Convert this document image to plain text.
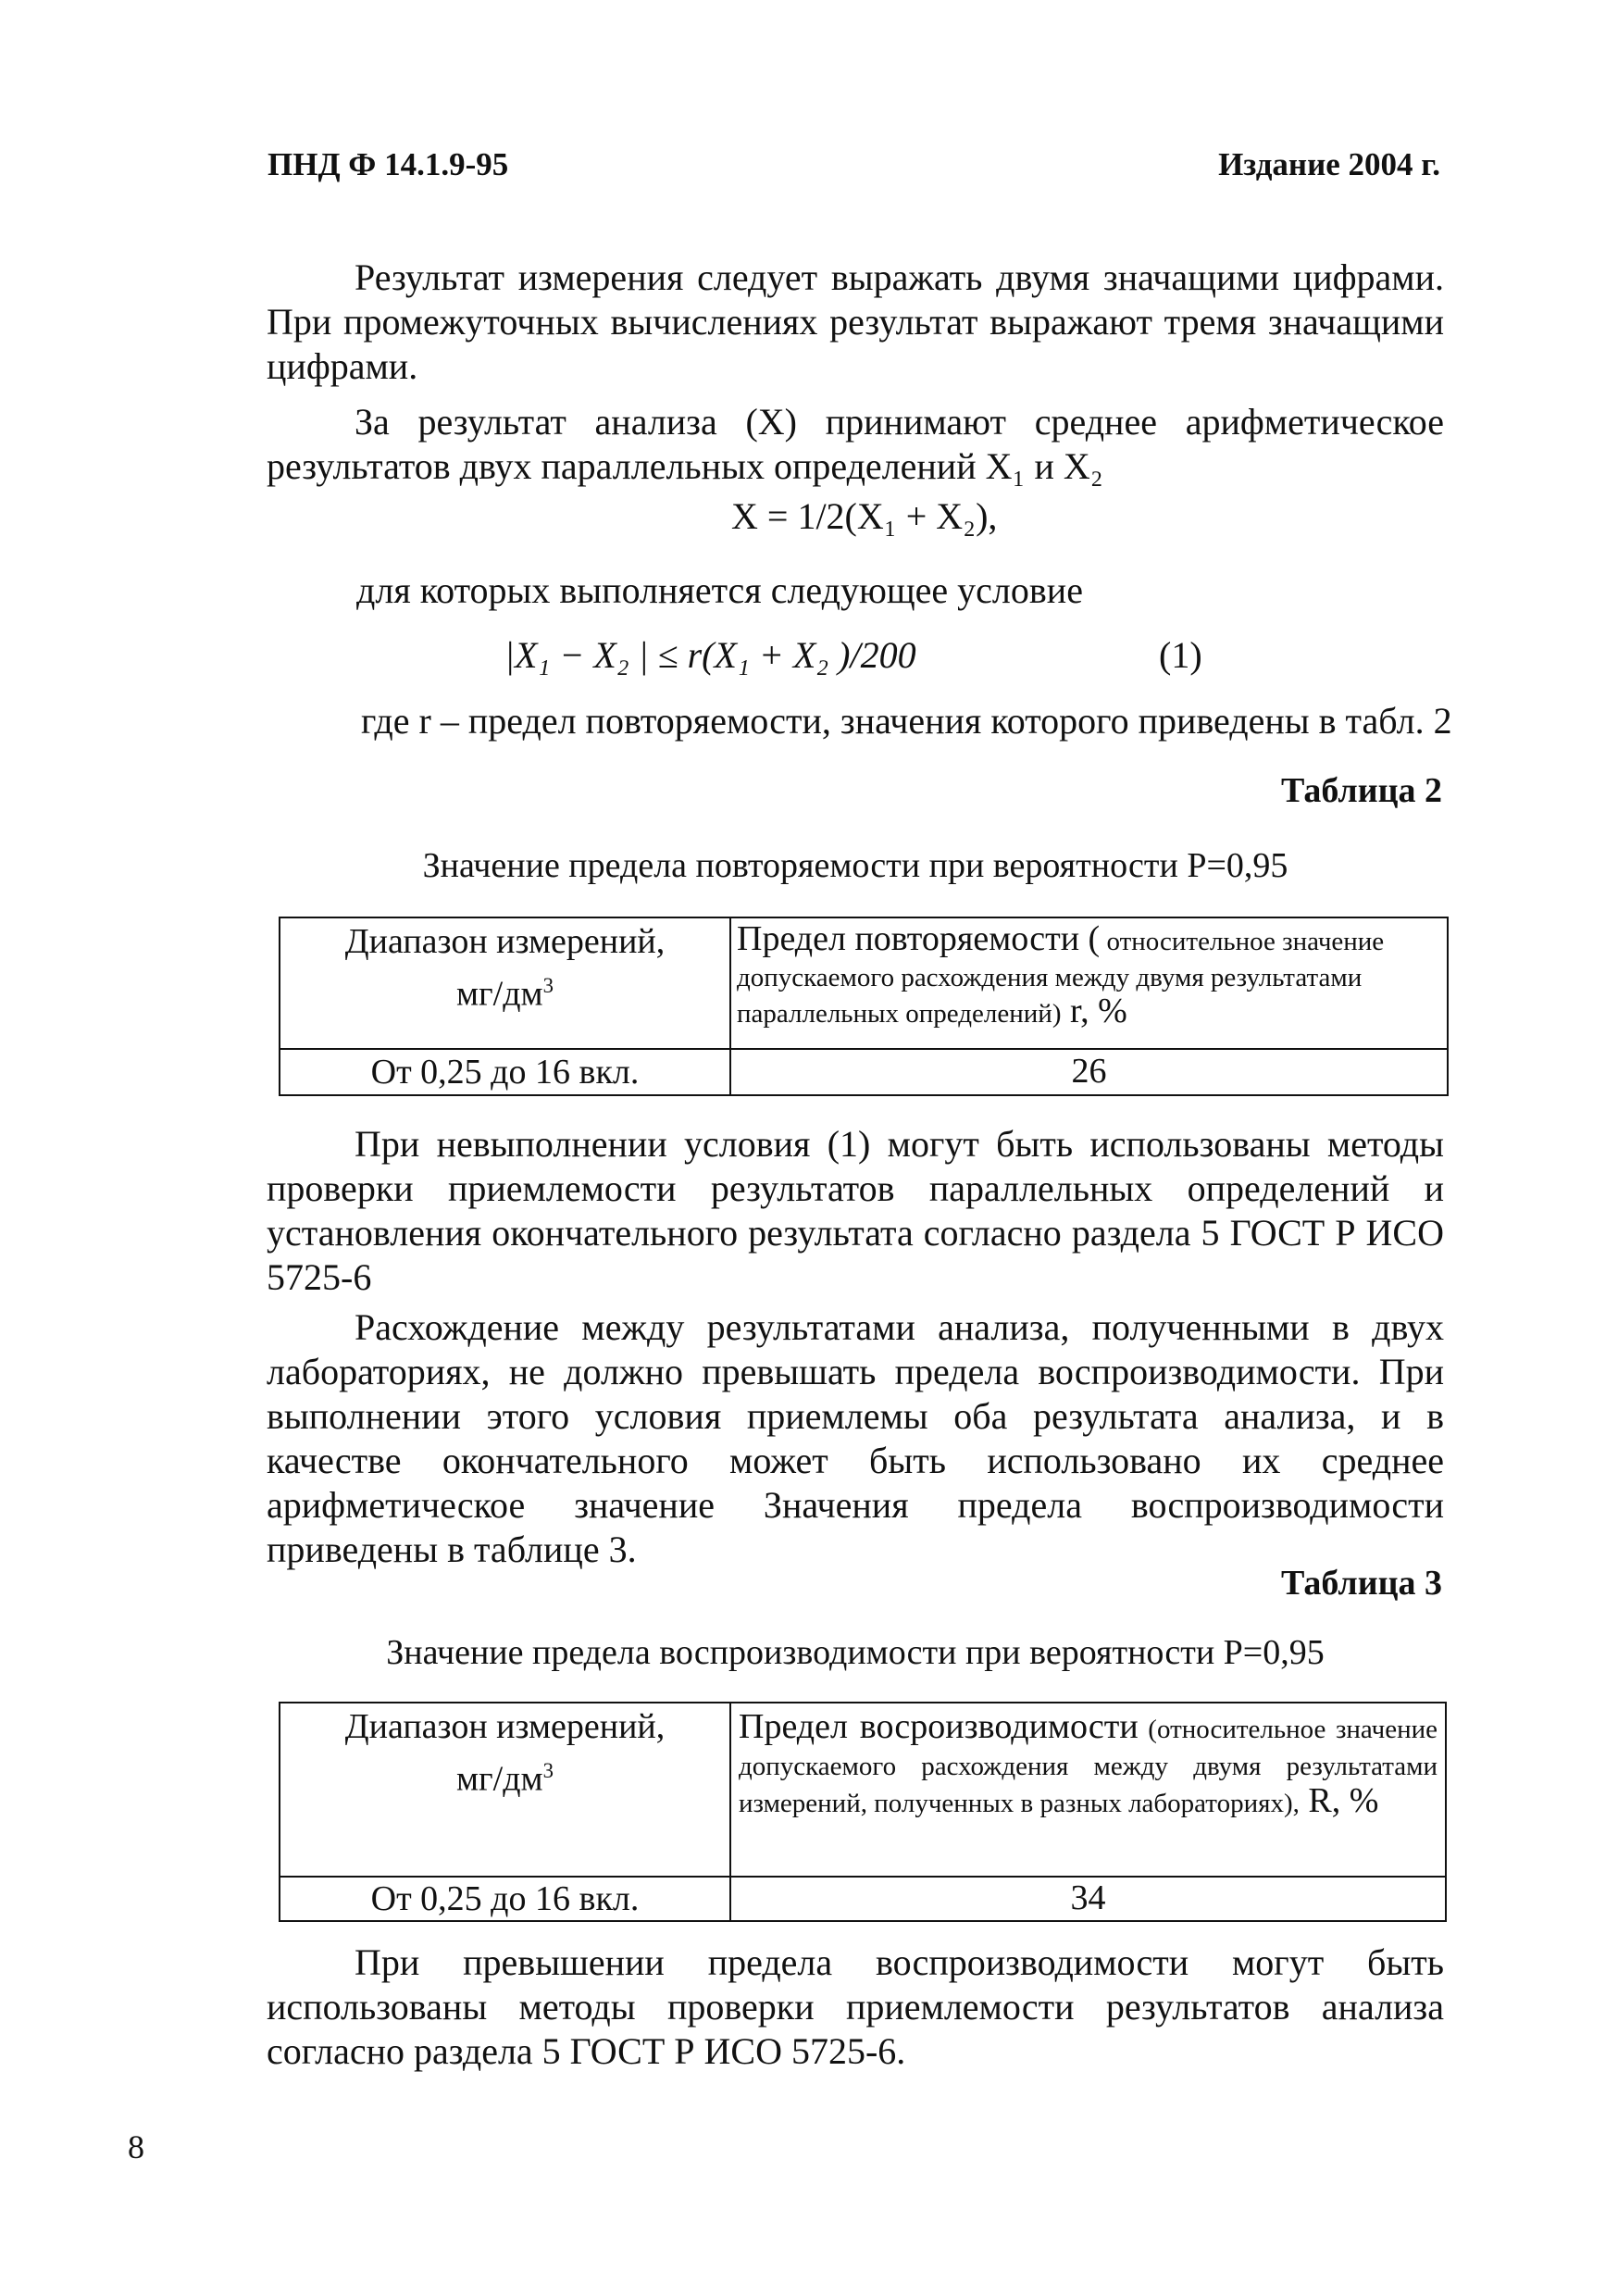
ПНД Ф 14.1.9-95	Издание 2004 г.

Результат измерения следует выражать двумя значащими цифрами. При промежуточных вычислениях результат выражают тремя значащими цифрами.

За результат анализа (Х) принимают среднее арифметическое результатов двух параллельных определений Х₁ и Х₂

X = 1/2(X₁ + X₂),
для которых выполняется следующее условие
|X₁ − X₂ | ≤ r(X₁ + X₂ )/200	(1)
где r – предел повторяемости, значения которого приведены в табл. 2
Таблица 2
Значение предела повторяемости при вероятности Р=0,95
Диапазон измерений,
$мг/дм^3$	Предел повторяемости ( относительное значение допускаемого расхождения между двумя результатами параллельных определений) r, %
От 0,25 до 16 вкл.	26

При невыполнении условия (1) могут быть использованы методы проверки приемлемости результатов параллельных определений и установления окончательного результата согласно раздела 5 ГОСТ Р ИСО 5725-6

Расхождение между результатами анализа, полученными в двух лабораториях, не должно превышать предела воспроизводимости. При выполнении этого условия приемлемы оба результата анализа, и в качестве окончательного может быть использовано их среднее арифметическое значение Значения предела воспроизводимости приведены в таблице 3.

Таблица 3
Значение предела воспроизводимости при вероятности Р=0,95
Диапазон измерений,
$мг/дм^3$	Предел восроизводимости (относительное значение допускаемого расхождения между двумя результатами измерений, полученных в разных лабораториях), R, %
От 0,25 до 16 вкл.	34

При превышении предела воспроизводимости могут быть использованы методы проверки приемлемости результатов анализа согласно раздела 5 ГОСТ Р ИСО 5725-6.

8
